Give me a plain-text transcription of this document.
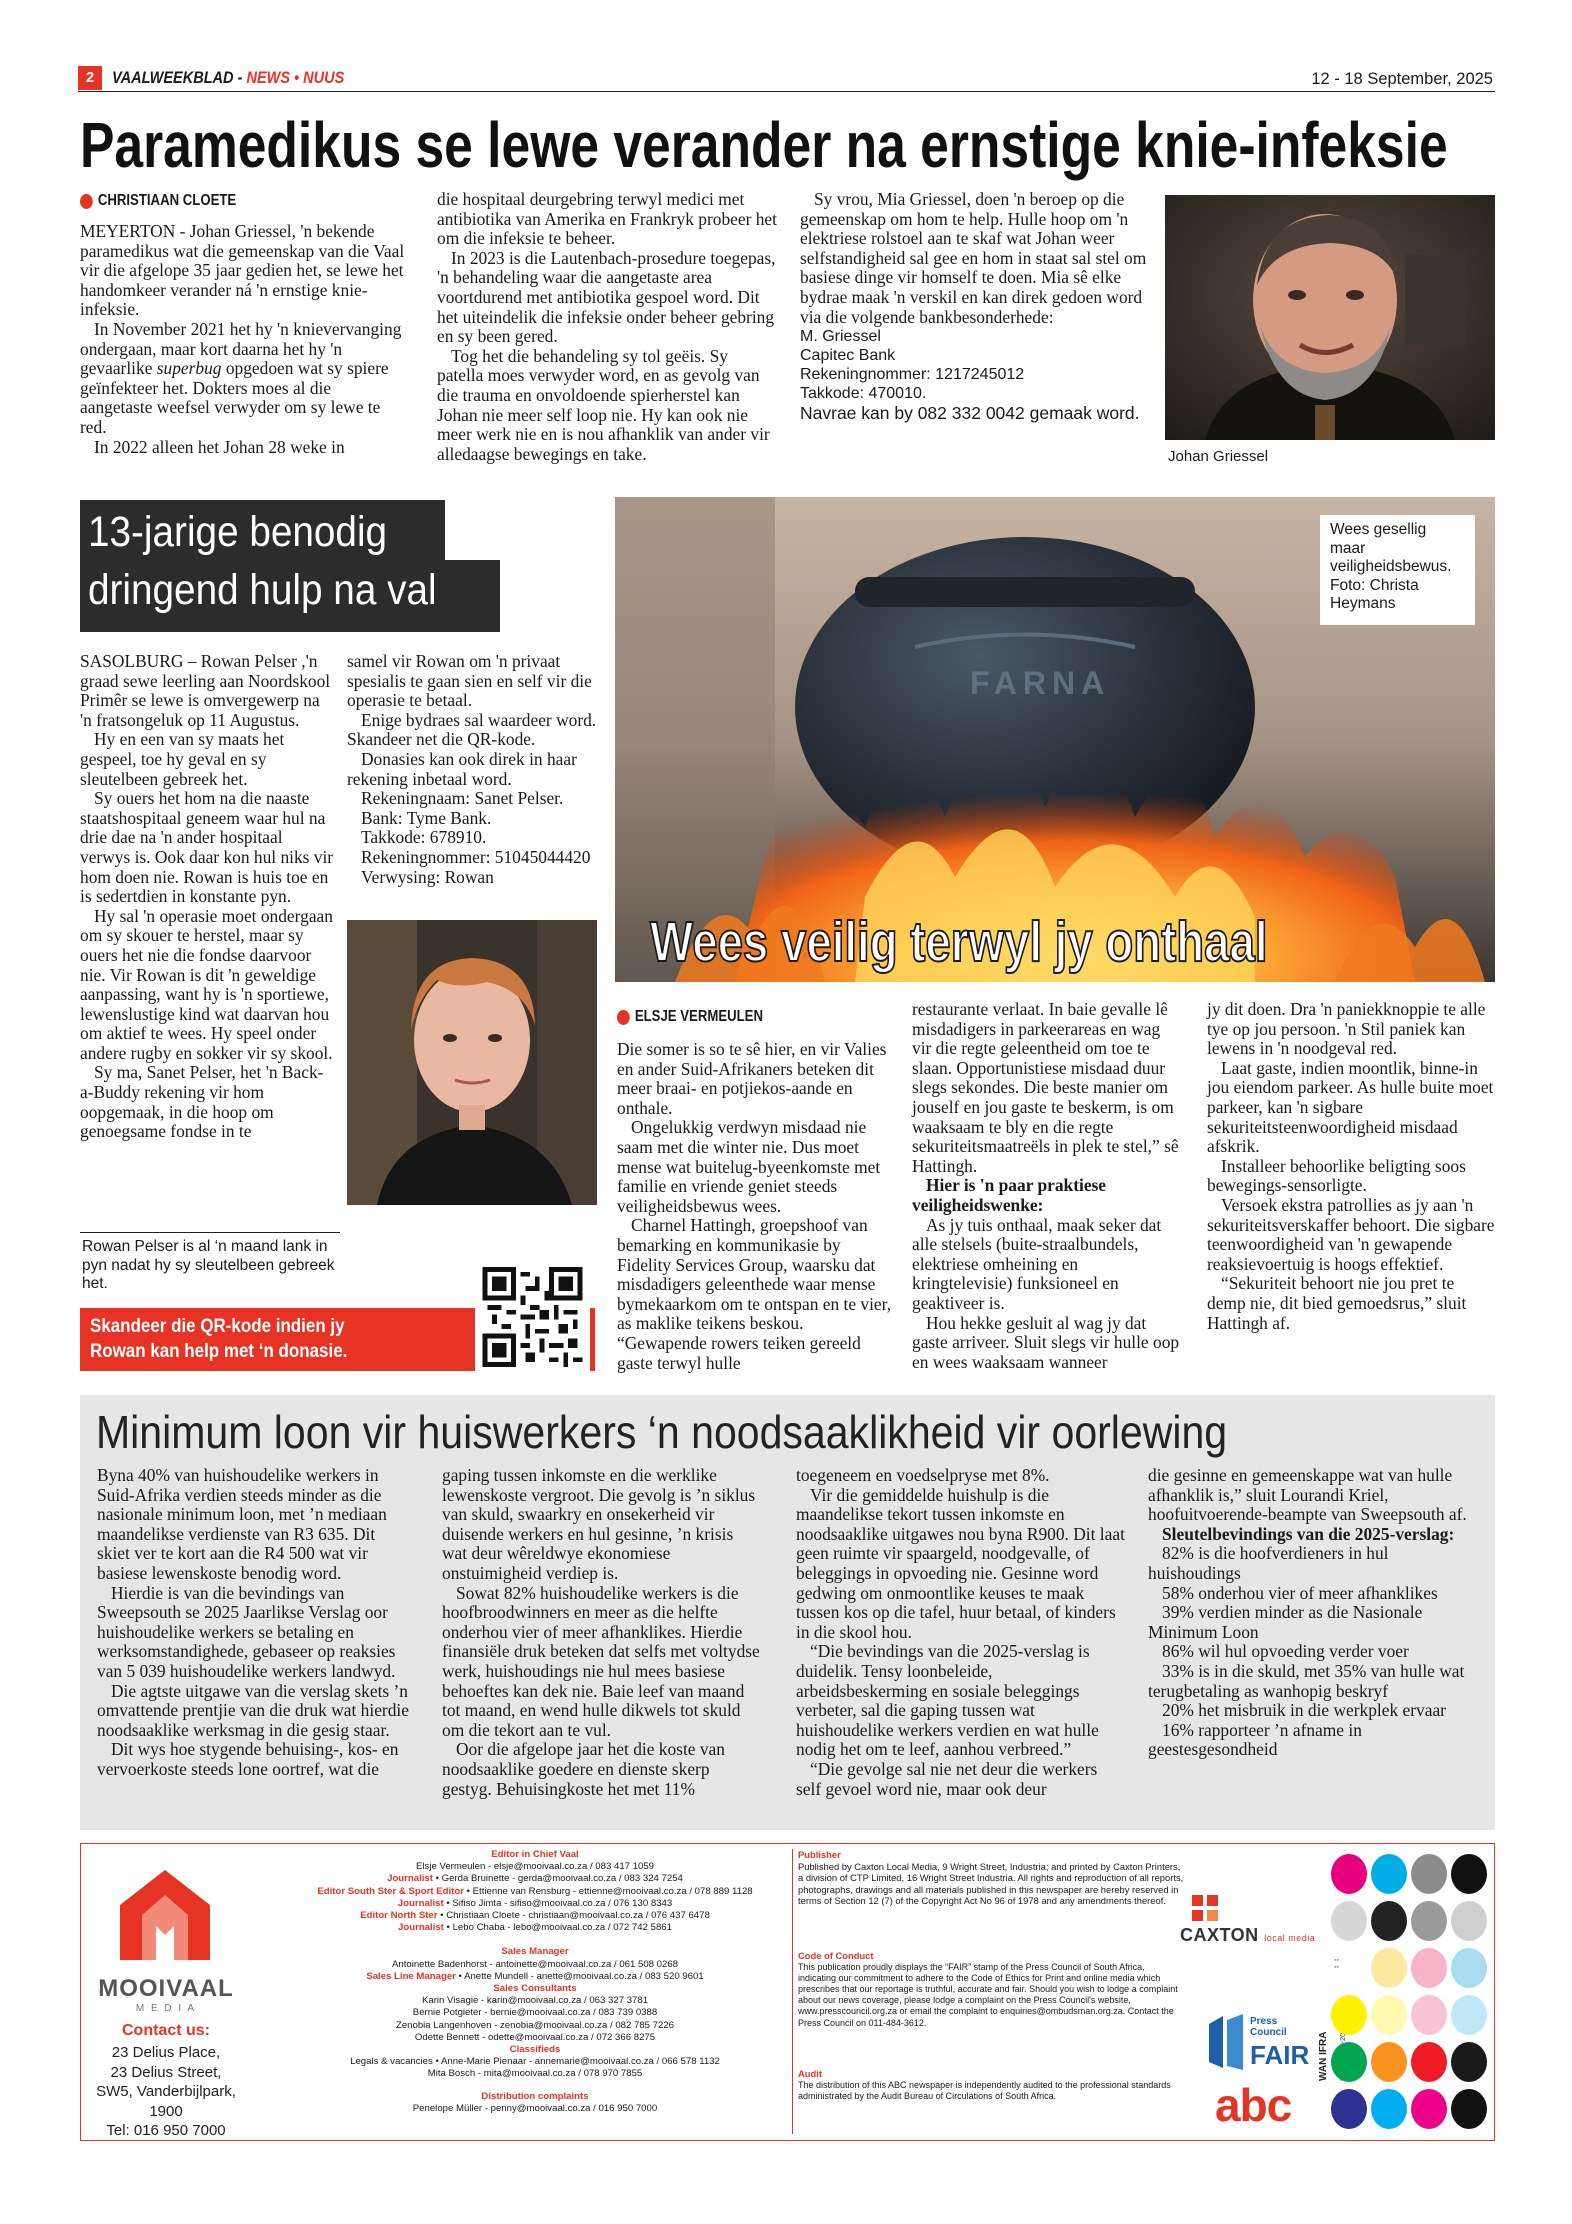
2	VAALWEEKBLAD - NEWS • NUUS	12 - 18 September, 2025
Paramedikus se lewe verander na ernstige knie-infeksie
CHRISTIAAN CLOETE

MEYERTON - Johan Griessel, 'n bekende paramedikus wat die gemeenskap van die Vaal vir die afgelope 35 jaar gedien het, se lewe het handomkeer verander ná 'n ernstige knie-infeksie.

In November 2021 het hy 'n knievervanging ondergaan, maar kort daarna het hy 'n gevaarlike superbug opgedoen wat sy spiere geïnfekteer het. Dokters moes al die aangetaste weefsel verwyder om sy lewe te red.

In 2022 alleen het Johan 28 weke in

die hospitaal deurgebring terwyl medici met antibiotika van Amerika en Frankryk probeer het om die infeksie te beheer.

In 2023 is die Lautenbach-prosedure toegepas, 'n behandeling waar die aangetaste area voortdurend met antibiotika gespoel word. Dit het uiteindelik die infeksie onder beheer gebring en sy been gered.

Tog het die behandeling sy tol geëis. Sy patella moes verwyder word, en as gevolg van die trauma en onvoldoende spierherstel kan Johan nie meer self loop nie. Hy kan ook nie meer werk nie en is nou afhanklik van ander vir alledaagse bewegings en take.

Sy vrou, Mia Griessel, doen 'n beroep op die gemeenskap om hom te help. Hulle hoop om 'n elektriese rolstoel aan te skaf wat Johan weer selfstandigheid sal gee en hom in staat sal stel om basiese dinge vir homself te doen. Mia sê elke bydrae maak 'n verskil en kan direk gedoen word via die volgende bankbesonderhede:

M. Griessel
Capitec Bank
Rekeningnommer: 1217245012
Takkode: 470010.
Navrae kan by 082 332 0042 gemaak word.
Johan Griessel
13-jarige benodig
dringend hulp na val

SASOLBURG – Rowan Pelser ,'n graad sewe leerling aan Noordskool Primêr se lewe is omvergewerp na 'n fratsongeluk op 11 Augustus.

Hy en een van sy maats het gespeel, toe hy geval en sy sleutelbeen gebreek het.

Sy ouers het hom na die naaste staatshospitaal geneem waar hul na drie dae na 'n ander hospitaal verwys is. Ook daar kon hul niks vir hom doen nie. Rowan is huis toe en is sedertdien in konstante pyn.

Hy sal 'n operasie moet ondergaan om sy skouer te herstel, maar sy ouers het nie die fondse daarvoor nie. Vir Rowan is dit 'n geweldige aanpassing, want hy is 'n sportiewe, lewenslustige kind wat daarvan hou om aktief te wees. Hy speel onder andere rugby en sokker vir sy skool.

Sy ma, Sanet Pelser, het 'n Back-a-Buddy rekening vir hom oopgemaak, in die hoop om genoegsame fondse in te

samel vir Rowan om 'n privaat spesialis te gaan sien en self vir die operasie te betaal.

Enige bydraes sal waardeer word. Skandeer net die QR-kode.

Donasies kan ook direk in haar rekening inbetaal word.

Rekeningnaam: Sanet Pelser.
Bank: Tyme Bank.
Takkode: 678910.
Rekeningnommer: 51045044420
Verwysing: Rowan
Rowan Pelser is al ‘n maand lank in pyn nadat hy sy sleutelbeen gebreek het.
Skandeer die QR-kode indien jy Rowan kan help met ‘n donasie.
FARNA
Wees gesellig maar veiligheidsbewus. Foto: Christa Heymans
Wees veilig terwyl jy onthaal
ELSJE VERMEULEN

Die somer is so te sê hier, en vir Valies en ander Suid-Afrikaners beteken dit meer braai- en potjiekos-aande en onthale.

Ongelukkig verdwyn misdaad nie saam met die winter nie. Dus moet mense wat buitelug-byeenkomste met familie en vriende geniet steeds veiligheidsbewus wees.

Charnel Hattingh, groepshoof van bemarking en kommunikasie by Fidelity Services Group, waarsku dat misdadigers geleenthede waar mense bymekaarkom om te ontspan en te vier, as maklike teikens beskou. “Gewapende rowers teiken gereeld gaste terwyl hulle

restaurante verlaat. In baie gevalle lê misdadigers in parkeerareas en wag vir die regte geleentheid om toe te slaan. Opportunistiese misdaad duur slegs sekondes. Die beste manier om jouself en jou gaste te beskerm, is om waaksaam te bly en die regte sekuriteitsmaatreëls in plek te stel,” sê Hattingh.

Hier is 'n paar praktiese veiligheidswenke:

As jy tuis onthaal, maak seker dat alle stelsels (buite-straalbundels, elektriese omheining en kringtelevisie) funksioneel en geaktiveer is.

Hou hekke gesluit al wag jy dat gaste arriveer. Sluit slegs vir hulle oop en wees waaksaam wanneer

jy dit doen. Dra 'n paniekknoppie te alle tye op jou persoon. 'n Stil paniek kan lewens in 'n noodgeval red.

Laat gaste, indien moontlik, binne-in jou eiendom parkeer. As hulle buite moet parkeer, kan 'n sigbare sekuriteitsteenwoordigheid misdaad afskrik.

Installeer behoorlike beligting soos bewegings-sensorligte.

Versoek ekstra patrollies as jy aan 'n sekuriteitsverskaffer behoort. Die sigbare teenwoordigheid van 'n gewapende reaksievoertuig is hoogs effektief.

“Sekuriteit behoort nie jou pret te demp nie, dit bied gemoedsrus,” sluit Hattingh af.

Minimum loon vir huiswerkers ‘n noodsaaklikheid vir oorlewing

Byna 40% van huishoudelike werkers in Suid-Afrika verdien steeds minder as die nasionale minimum loon, met ’n mediaan maandelikse verdienste van R3 635. Dit skiet ver te kort aan die R4 500 wat vir basiese lewenskoste benodig word.

Hierdie is van die bevindings van Sweepsouth se 2025 Jaarlikse Verslag oor huishoudelike werkers se betaling en werksomstandighede, gebaseer op reaksies van 5 039 huishoudelike werkers landwyd.

Die agtste uitgawe van die verslag skets ’n omvattende prentjie van die druk wat hierdie noodsaaklike werksmag in die gesig staar.

Dit wys hoe stygende behuising-, kos- en vervoerkoste steeds lone oortref, wat die

gaping tussen inkomste en die werklike lewenskoste vergroot. Die gevolg is ’n siklus van skuld, swaarkry en onsekerheid vir duisende werkers en hul gesinne, ’n krisis wat deur wêreldwye ekonomiese onstuimigheid verdiep is.

Sowat 82% huishoudelike werkers is die hoofbroodwinners en meer as die helfte onderhou vier of meer afhanklikes. Hierdie finansiële druk beteken dat selfs met voltydse werk, huishoudings nie hul mees basiese behoeftes kan dek nie. Baie leef van maand tot maand, en wend hulle dikwels tot skuld om die tekort aan te vul.

Oor die afgelope jaar het die koste van noodsaaklike goedere en dienste skerp gestyg. Behuisingkoste het met 11%

toegeneem en voedselpryse met 8%.

Vir die gemiddelde huishulp is die maandelikse tekort tussen inkomste en noodsaaklike uitgawes nou byna R900. Dit laat geen ruimte vir spaargeld, noodgevalle, of beleggings in opvoeding nie. Gesinne word gedwing om onmoontlike keuses te maak tussen kos op die tafel, huur betaal, of kinders in die skool hou.

“Die bevindings van die 2025-verslag is duidelik. Tensy loonbeleide, arbeidsbeskerming en sosiale beleggings verbeter, sal die gaping tussen wat huishoudelike werkers verdien en wat hulle nodig het om te leef, aanhou verbreed.”

“Die gevolge sal nie net deur die werkers self gevoel word nie, maar ook deur

die gesinne en gemeenskappe wat van hulle afhanklik is,” sluit Lourandi Kriel, hoofuitvoerende-beampte van Sweepsouth af.

Sleutelbevindings van die 2025-verslag:

82% is die hoofverdieners in hul huishoudings

58% onderhou vier of meer afhanklikes

39% verdien minder as die Nasionale Minimum Loon

86% wil hul opvoeding verder voer

33% is in die skuld, met 35% van hulle wat terugbetaling as wanhopig beskryf

20% het misbruik in die werkplek ervaar

16% rapporteer ’n afname in geestesgesondheid

MOOIVAAL
M E D I A
Contact us:
23 Delius Place,
23 Delius Street,
SW5, Vanderbijlpark,
1900
Tel: 016 950 7000
Editor in Chief Vaal
Elsje Vermeulen - elsje@mooivaal.co.za / 083 417 1059
Journalist • Gerda Bruinette - gerda@mooivaal.co.za / 083 324 7254
Editor South Ster & Sport Editor • Ettienne van Rensburg - ettienne@mooivaal.co.za / 078 889 1128
Journalist • Sifiso Jimta - sifiso@mooivaal.co.za / 076 130 8343
Editor North Ster • Christiaan Cloete - christiaan@mooivaal.co.za / 076 437 6478
Journalist • Lebo Chaba - lebo@mooivaal.co.za / 072 742 5861
Sales Manager
Antoinette Badenhorst - antoinette@mooivaal.co.za / 061 508 0268
Sales Line Manager • Anette Mundell - anette@mooivaal.co.za / 083 520 9601
Sales Consultants
Karin Visagie - karin@mooivaal.co.za / 063 327 3781
Bernie Potgieter - bernie@mooivaal.co.za / 083 739 0388
Zenobia Langenhoven - zenobia@mooivaal.co.za / 082 785 7226
Odette Bennett - odette@mooivaal.co.za / 072 366 8275
Classifieds
Legals & vacancies • Anne-Marie Pienaar - annemarie@mooivaal.co.za / 066 578 1132
Mita Bosch - mita@mooivaal.co.za / 078 970 7855
Distribution complaints
Penelope Müller - penny@mooivaal.co.za / 016 950 7000
Publisher
Published by Caxton Local Media, 9 Wright Street, Industria; and printed by Caxton Printers, a division of CTP Limited, 16 Wright Street Industria. All rights and reproduction of all reports, photographs, drawings and all materials published in this newspaper are hereby reserved in terms of Section 12 (7) of the Copyright Act No 96 of 1978 and any amendments thereof.
CAXTON local media
Code of Conduct
This publication proudly displays the “FAIR” stamp of the Press Council of South Africa, indicating our commitment to adhere to the Code of Ethics for Print and online media which prescribes that our reportage is truthful, accurate and fair. Should you wish to lodge a complaint about our news coverage, please lodge a complaint on the Press Council's website, www.presscouncil.org.za or email the complaint to enquiries@ombudsman.org.za. Contact the Press Council on 011-484-3612.	Press
Council
FAIR WAN IFRA
Audit
The distribution of this ABC newspaper is independently audited to the professional standards administrated by the Audit Bureau of Circulations of South Africa.	abc
▪▪
▪▪
